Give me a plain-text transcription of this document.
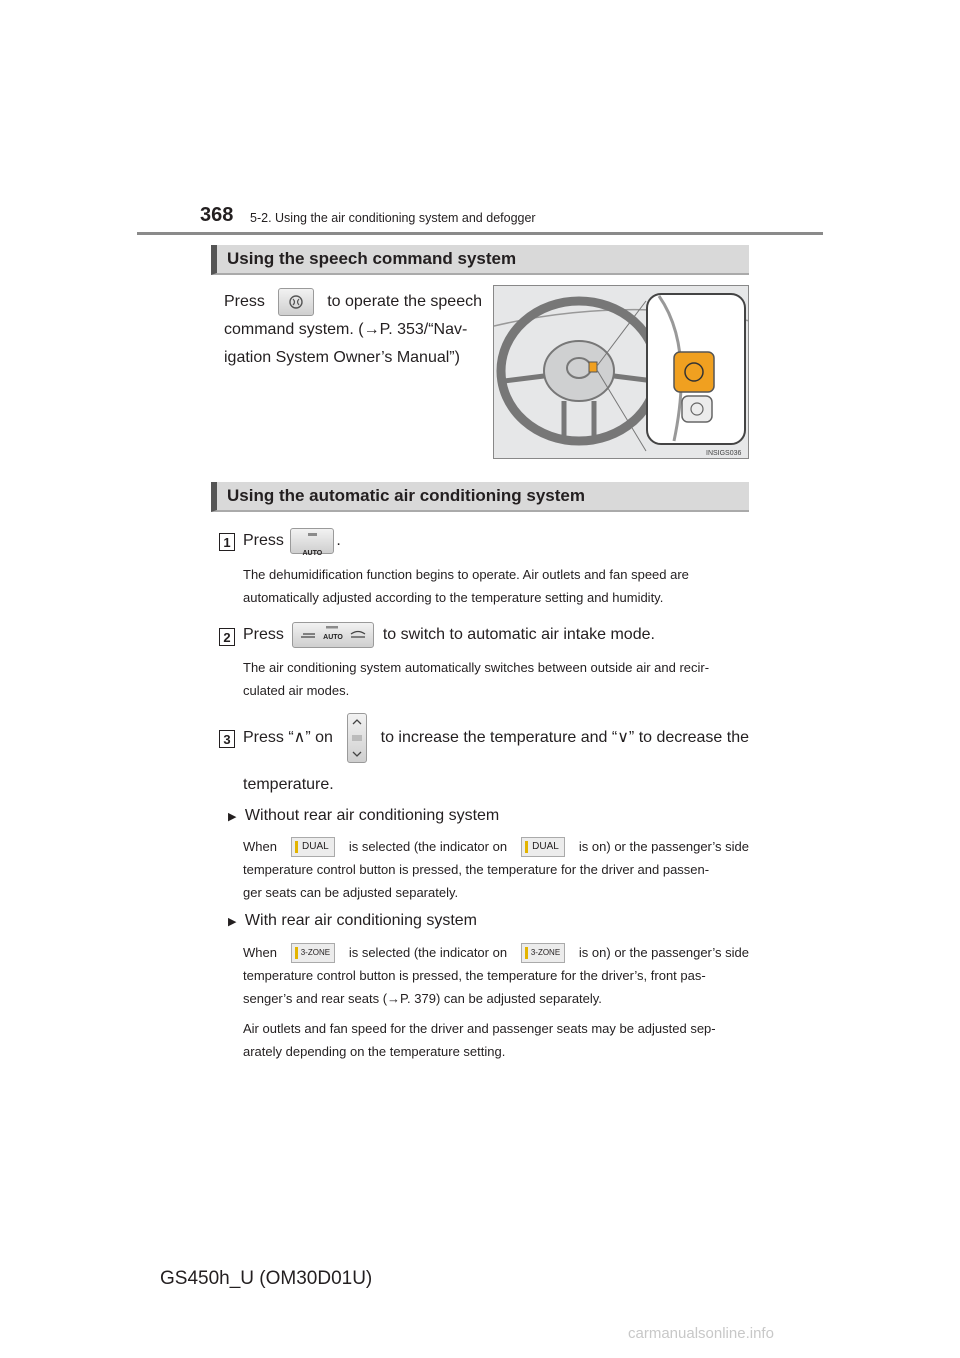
368 5-2. Using the air conditioning system and defogger
Using the speech command system
Press	to operate the speech
command system. (→P. 353/“Nav-
igation System Owner’s Manual”)
INSIGS036
Using the automatic air conditioning system
1 Press
AUTO
.
The dehumidification function begins to operate. Air outlets and fan speed are
automatically adjusted according to the temperature setting and humidity.
2 Press	AUTO to switch to automatic air intake mode.
The air conditioning system automatically switches between outside air and recir-
culated air modes.
3 Press “∧” on	to increase the temperature and “∨” to decrease the
temperature.
▶ Without rear air conditioning system
When	DUAL	is selected (the indicator on	DUAL	is on) or the passenger’s side
temperature control button is pressed, the temperature for the driver and passen-
ger seats can be adjusted separately.
▶ With rear air conditioning system
When	3-ZONE	is selected (the indicator on	3-ZONE	is on) or the passenger’s side
temperature control button is pressed, the temperature for the driver’s, front pas-
senger’s and rear seats (→P. 379) can be adjusted separately.
Air outlets and fan speed for the driver and passenger seats may be adjusted sep-
arately depending on the temperature setting.
GS450h_U (OM30D01U)
carmanualsonline.info
